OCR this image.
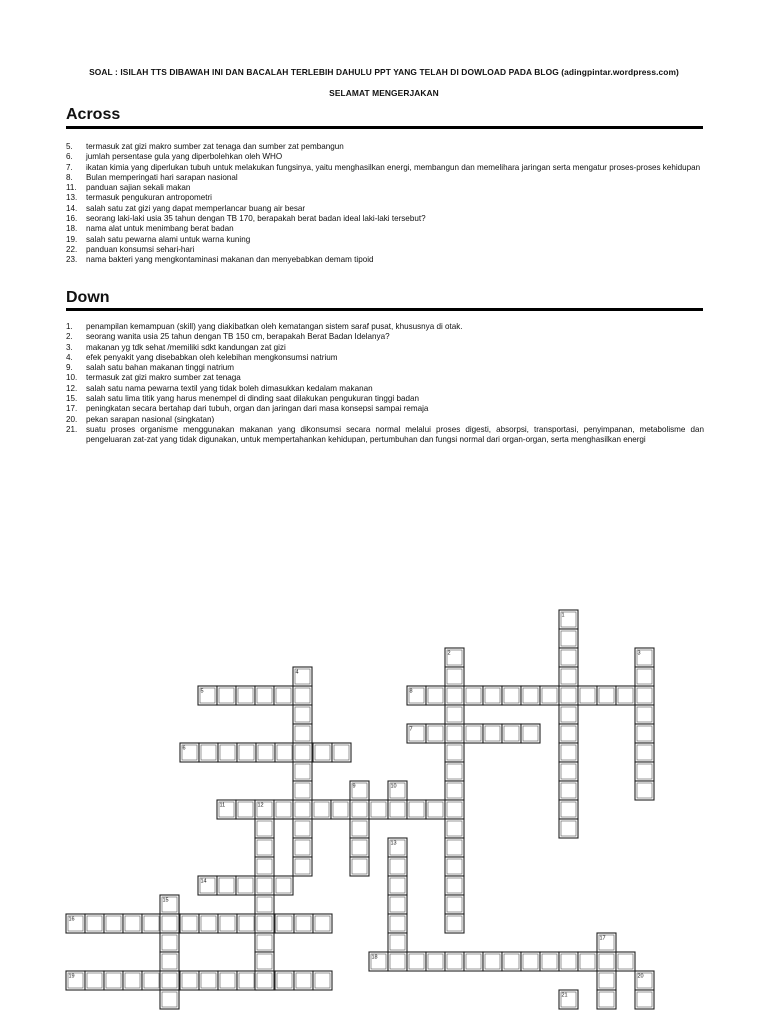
SOAL : ISILAH TTS DIBAWAH INI DAN BACALAH TERLEBIH DAHULU PPT YANG TELAH DI DOWLOAD PADA BLOG (adingpintar.wordpress.com)
SELAMAT MENGERJAKAN
Across
5.	termasuk zat gizi makro sumber zat tenaga dan sumber zat pembangun
6.	jumlah persentase gula yang diperbolehkan oleh WHO
7.	ikatan kimia yang diperlukan tubuh untuk melakukan fungsinya, yaitu menghasilkan energi, membangun dan memelihara jaringan serta mengatur proses-proses kehidupan
8.	Bulan memperingati hari sarapan nasional
11.	panduan sajian sekali makan
13.	termasuk pengukuran antropometri
14.	salah satu zat gizi yang dapat memperlancar buang air besar
16.	seorang laki-laki usia 35 tahun dengan TB 170, berapakah berat badan ideal laki-laki tersebut?
18.	nama alat untuk menimbang berat badan
19.	salah satu pewarna alami untuk warna kuning
22.	panduan konsumsi sehari-hari
23.	nama bakteri yang mengkontaminasi makanan dan menyebabkan demam tipoid
Down
1.	penampilan kemampuan (skill) yang diakibatkan oleh kematangan sistem saraf pusat, khususnya di otak.
2.	seorang wanita usia 25 tahun dengan TB 150 cm, berapakah Berat Badan Idelanya?
3.	makanan yg tdk sehat /memiliki sdkt kandungan zat gizi
4.	efek penyakit yang disebabkan oleh kelebihan mengkonsumsi natrium
9.	salah satu bahan makanan tinggi natrium
10.	termasuk zat gizi makro sumber zat tenaga
12.	salah satu nama pewarna textil yang tidak boleh dimasukkan kedalam makanan
15.	salah satu lima titik yang harus menempel di dinding saat dilakukan pengukuran tinggi badan
17.	peningkatan secara bertahap dari tubuh, organ dan jaringan dari masa konsepsi sampai remaja
20.	pekan sarapan nasional (singkatan)
21.	suatu proses organisme menggunakan makanan yang dikonsumsi secara normal melalui proses digesti, absorpsi, transportasi, penyimpanan, metabolisme dan pengeluaran zat-zat yang tidak digunakan, untuk mempertahankan kehidupan, pertumbuhan dan fungsi normal dari organ-organ, serta menghasilkan energi
5
6
7
8
11
14
16
18
19
1
2	3
4
9
13
12
21
17
20
15
10
